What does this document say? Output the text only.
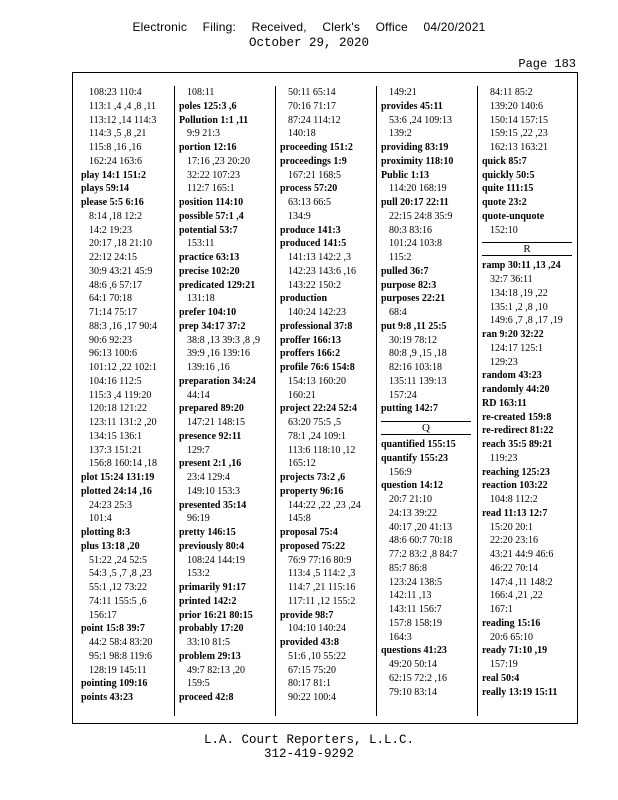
Electronic Filing: Received, Clerk's Office 04/20/2021
October 29, 2020
Page 183
108:23 110:4
113:1 ,4 ,4 ,8 ,11
113:12 ,14 114:3
114:3 ,5 ,8 ,21
115:8 ,16 ,16
162:24 163:6
play 14:1 151:2
plays 59:14
please 5:5 6:16
8:14 ,18 12:2
14:2 19:23
20:17 ,18 21:10
22:12 24:15
30:9 43:21 45:9
48:6 ,6 57:17
64:1 70:18
71:14 75:17
88:3 ,16 ,17 90:4
90:6 92:23
96:13 100:6
101:12 ,22 102:1
104:16 112:5
115:3 ,4 119:20
120:18 121:22
123:11 131:2 ,20
134:15 136:1
137:3 151:21
156:8 160:14 ,18
plot 15:24 131:19
plotted 24:14 ,16
24:23 25:3
101:4
plotting 8:3
plus 13:18 ,20
51:22 ,24 52:5
54:3 ,5 ,7 ,8 ,23
55:1 ,12 73:22
74:11 155:5 ,6
156:17
point 15:8 39:7
44:2 58:4 83:20
95:1 98:8 119:6
128:19 145:11
pointing 109:16
points 43:23
108:11
poles 125:3 ,6
Pollution 1:1 ,11
9:9 21:3
portion 12:16
17:16 ,23 20:20
32:22 107:23
112:7 165:1
position 114:10
possible 57:1 ,4
potential 53:7
153:11
practice 63:13
precise 102:20
predicated 129:21
131:18
prefer 104:10
prep 34:17 37:2
38:8 ,13 39:3 ,8 ,9
39:9 ,16 139:16
139:16 ,16
preparation 34:24
44:14
prepared 89:20
147:21 148:15
presence 92:11
129:7
present 2:1 ,16
23:4 129:4
149:10 153:3
presented 35:14
96:19
pretty 146:15
previously 80:4
108:24 144:19
153:2
primarily 91:17
printed 142:2
prior 16:21 80:15
probably 17:20
33:10 81:5
problem 29:13
49:7 82:13 ,20
159:5
proceed 42:8
50:11 65:14
70:16 71:17
87:24 114:12
140:18
proceeding 151:2
proceedings 1:9
167:21 168:5
process 57:20
63:13 66:5
134:9
produce 141:3
produced 141:5
141:13 142:2 ,3
142:23 143:6 ,16
143:22 150:2
production
140:24 142:23
professional 37:8
proffer 166:13
proffers 166:2
profile 76:6 154:8
154:13 160:20
160:21
project 22:24 52:4
63:20 75:5 ,5
78:1 ,24 109:1
113:6 118:10 ,12
165:12
projects 73:2 ,6
property 96:16
144:22 ,22 ,23 ,24
145:8
proposal 75:4
proposed 75:22
76:9 77:16 80:9
113:4 ,5 114:2 ,3
114:7 ,21 115:16
117:11 ,12 155:2
provide 98:7
104:10 140:24
provided 43:8
51:6 ,10 55:22
67:15 75:20
80:17 81:1
90:22 100:4
149:21
provides 45:11
53:6 ,24 109:13
139:2
providing 83:19
proximity 118:10
Public 1:13
114:20 168:19
pull 20:17 22:11
22:15 24:8 35:9
80:3 83:16
101:24 103:8
115:2
pulled 36:7
purpose 82:3
purposes 22:21
68:4
put 9:8 ,11 25:5
30:19 78:12
80:8 ,9 ,15 ,18
82:16 103:18
135:11 139:13
157:24
putting 142:7
Q
quantified 155:15
quantify 155:23
156:9
question 14:12
20:7 21:10
24:13 39:22
40:17 ,20 41:13
48:6 60:7 70:18
77:2 83:2 ,8 84:7
85:7 86:8
123:24 138:5
142:11 ,13
143:11 156:7
157:8 158:19
164:3
questions 41:23
49:20 50:14
62:15 72:2 ,16
79:10 83:14
84:11 85:2
139:20 140:6
150:14 157:15
159:15 ,22 ,23
162:13 163:21
quick 85:7
quickly 50:5
quite 111:15
quote 23:2
quote-unquote
152:10
R
ramp 30:11 ,13 ,24
32:7 36:11
134:18 ,19 ,22
135:1 ,2 ,8 ,10
149:6 ,7 ,8 ,17 ,19
ran 9:20 32:22
124:17 125:1
129:23
random 43:23
randomly 44:20
RD 163:11
re-created 159:8
re-redirect 81:22
reach 35:5 89:21
119:23
reaching 125:23
reaction 103:22
104:8 112:2
read 11:13 12:7
15:20 20:1
22:20 23:16
43:21 44:9 46:6
46:22 70:14
147:4 ,11 148:2
166:4 ,21 ,22
167:1
reading 15:16
20:6 65:10
ready 71:10 ,19
157:19
real 50:4
really 13:19 15:11
L.A. Court Reporters, L.L.C.
312-419-9292
